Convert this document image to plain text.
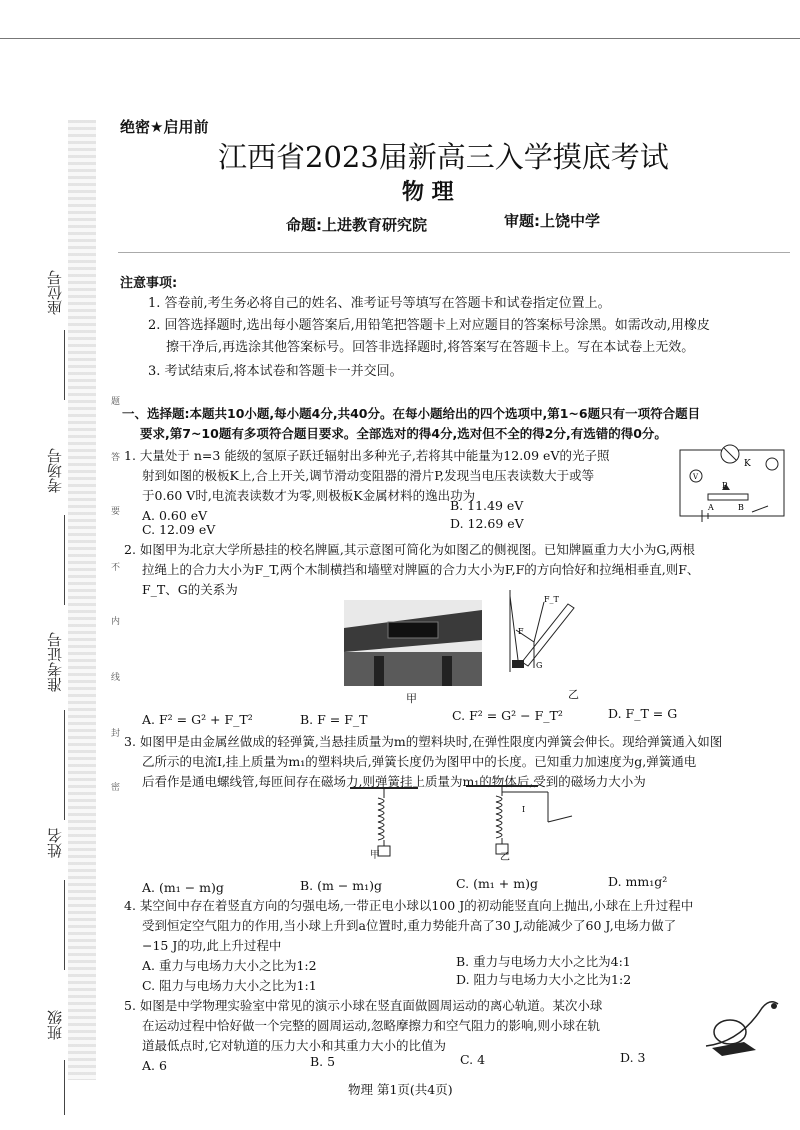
座位号
考场号
准考证号
姓名
班级
题
答
要
不
内
线
封
密
绝密★启用前
江西省2023届新高三入学摸底考试
物 理
命题:上进教育研究院	审题:上饶中学
注意事项:
1. 答卷前,考生务必将自己的姓名、准考证号等填写在答题卡和试卷指定位置上。
2. 回答选择题时,选出每小题答案后,用铅笔把答题卡上对应题目的答案标号涂黑。如需改动,用橡皮
擦干净后,再选涂其他答案标号。回答非选择题时,将答案写在答题卡上。写在本试卷上无效。
3. 考试结束后,将本试卷和答题卡一并交回。
一、选择题:本题共10小题,每小题4分,共40分。在每小题给出的四个选项中,第1~6题只有一项符合题目
要求,第7~10题有多项符合题目要求。全部选对的得4分,选对但不全的得2分,有选错的得0分。
1. 大量处于 n=3 能级的氢原子跃迁辐射出多种光子,若将其中能量为12.09 eV的光子照
射到如图的极板K上,合上开关,调节滑动变阻器的滑片P,发现当电压表读数大于或等
于0.60 V时,电流表读数才为零,则极板K金属材料的逸出功为
A. 0.60 eV
B. 11.49 eV
C. 12.09 eV	D. 12.69 eV
K
V
P
A	B
2. 如图甲为北京大学所悬挂的校名牌匾,其示意图可简化为如图乙的侧视图。已知牌匾重力大小为G,两根
拉绳上的合力大小为F_T,两个木制横挡和墙壁对牌匾的合力大小为F,F的方向恰好和拉绳相垂直,则F、
F_T、G的关系为
甲
F_T
F
G
乙
A. F² = G² + F_T²	B. F = F_T	C. F² = G² − F_T²	D. F_T = G
3. 如图甲是由金属丝做成的轻弹簧,当悬挂质量为m的塑料块时,在弹性限度内弹簧会伸长。现给弹簧通入如图
乙所示的电流I,挂上质量为m₁的塑料块后,弹簧长度仍为图甲中的长度。已知重力加速度为g,弹簧通电
后看作是通电螺线管,每匝间存在磁场力,则弹簧挂上质量为m₁的物体后,受到的磁场力大小为
甲
I
乙
A. (m₁ − m)g	B. (m − m₁)g	C. (m₁ + m)g	D. mm₁g²
4. 某空间中存在着竖直方向的匀强电场,一带正电小球以100 J的初动能竖直向上抛出,小球在上升过程中
受到恒定空气阻力的作用,当小球上升到a位置时,重力势能升高了30 J,动能减少了60 J,电场力做了
−15 J的功,此上升过程中
A. 重力与电场力大小之比为1:2	B. 重力与电场力大小之比为4:1
C. 阻力与电场力大小之比为1:1	D. 阻力与电场力大小之比为1:2
5. 如图是中学物理实验室中常见的演示小球在竖直面做圆周运动的离心轨道。某次小球
在运动过程中恰好做一个完整的圆周运动,忽略摩擦力和空气阻力的影响,则小球在轨
道最低点时,它对轨道的压力大小和其重力大小的比值为
A. 6	B. 5	C. 4	D. 3
物理 第1页(共4页)
